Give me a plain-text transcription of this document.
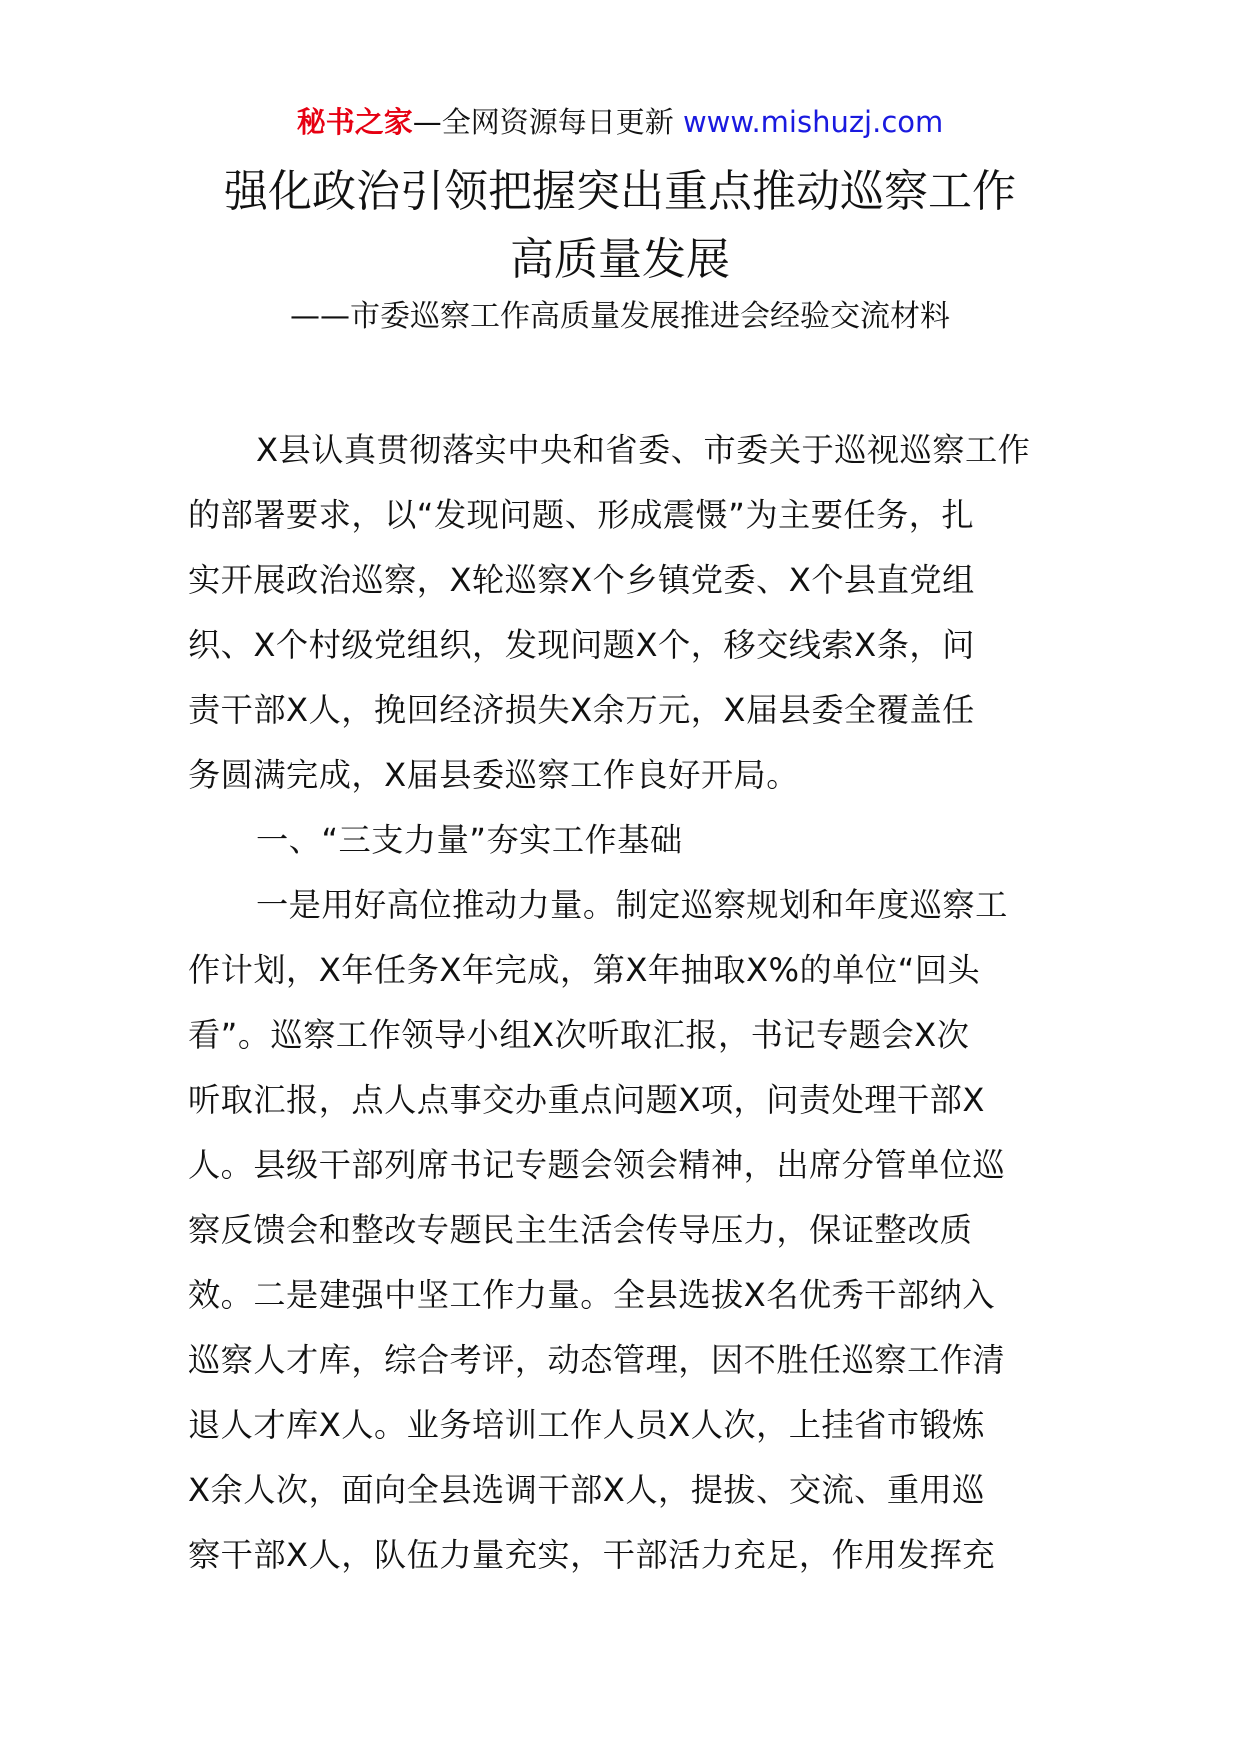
秘书之家—全网资源每日更新 www.mishuzj.com
强化政治引领把握突出重点推动巡察工作
高质量发展
——市委巡察工作高质量发展推进会经验交流材料
X县认真贯彻落实中央和省委、市委关于巡视巡察工作
的部署要求，以“发现问题、形成震慑”为主要任务，扎
实开展政治巡察，X轮巡察X个乡镇党委、X个县直党组
织、X个村级党组织，发现问题X个，移交线索X条，问
责干部X人，挽回经济损失X余万元，X届县委全覆盖任
务圆满完成，X届县委巡察工作良好开局。
一、“三支力量”夯实工作基础
一是用好高位推动力量。制定巡察规划和年度巡察工
作计划，X年任务X年完成，第X年抽取X%的单位“回头
看”。巡察工作领导小组X次听取汇报，书记专题会X次
听取汇报，点人点事交办重点问题X项，问责处理干部X
人。县级干部列席书记专题会领会精神，出席分管单位巡
察反馈会和整改专题民主生活会传导压力，保证整改质
效。二是建强中坚工作力量。全县选拔X名优秀干部纳入
巡察人才库，综合考评，动态管理，因不胜任巡察工作清
退人才库X人。业务培训工作人员X人次，上挂省市锻炼
X余人次，面向全县选调干部X人，提拔、交流、重用巡
察干部X人，队伍力量充实，干部活力充足，作用发挥充
